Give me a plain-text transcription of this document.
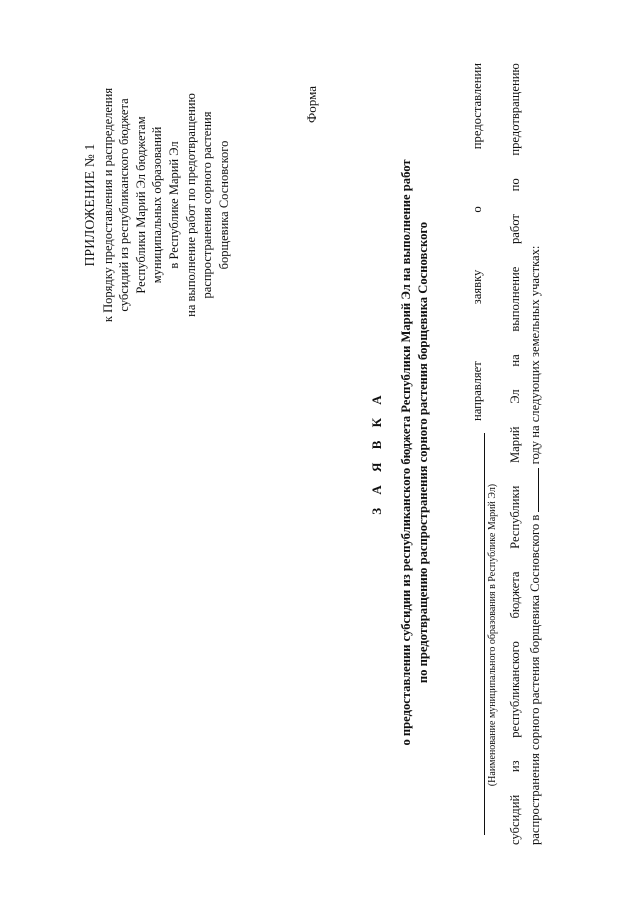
ПРИЛОЖЕНИЕ № 1 к Порядку предоставления и распределения субсидий из республиканского бюджета Республики Марий Эл бюджетам муниципальных образований в Республике Марий Эл на выполнение работ по предотвращению распространения сорного растения борщевика Сосновского
Форма
З А Я В К А о предоставлении субсидии из республиканского бюджета Республики Марий Эл на выполнение работ по предотвращению распространения сорного растения борщевика Сосновского	направляет
заявку
о
предоставлении
(Наименование муниципального образования в Республике Марий Эл)
субсидий
из
республиканского
бюджета
Республики
Марий
Эл
на
выполнение
работ
по
предотвращению
распространения сорного растения борщевика Сосновского в  году на следующих земельных участках:
